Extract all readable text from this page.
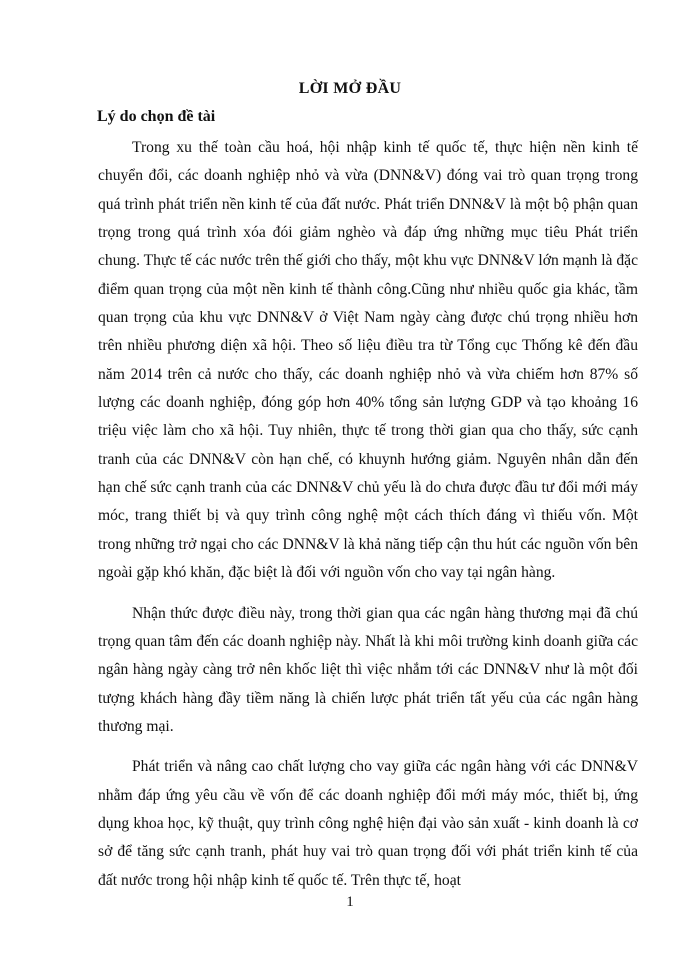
LỜI MỞ ĐẦU
Lý do chọn đề tài

Trong xu thế toàn cầu hoá, hội nhập kinh tế quốc tế, thực hiện nền kinh tế chuyển đổi, các doanh nghiệp nhỏ và vừa (DNN&V) đóng vai trò quan trọng trong quá trình phát triển nền kinh tế của đất nước. Phát triển DNN&V là một bộ phận quan trọng trong quá trình xóa đói giảm nghèo và đáp ứng những mục tiêu Phát triển chung. Thực tế các nước trên thế giới cho thấy, một khu vực DNN&V lớn mạnh là đặc điểm quan trọng của một nền kinh tế thành công.Cũng như nhiều quốc gia khác, tầm quan trọng của khu vực DNN&V ở Việt Nam ngày càng được chú trọng nhiều hơn trên nhiều phương diện xã hội. Theo số liệu điều tra từ Tổng cục Thống kê đến đầu năm 2014 trên cả nước cho thấy, các doanh nghiệp nhỏ và vừa chiếm hơn 87% số lượng các doanh nghiệp, đóng góp hơn 40% tổng sản lượng GDP và tạo khoảng 16 triệu việc làm cho xã hội. Tuy nhiên, thực tế trong thời gian qua cho thấy, sức cạnh tranh của các DNN&V còn hạn chế, có khuynh hướng giảm. Nguyên nhân dẫn đến hạn chế sức cạnh tranh của các DNN&V chủ yếu là do chưa được đầu tư đổi mới máy móc, trang thiết bị và quy trình công nghệ một cách thích đáng vì thiếu vốn. Một trong những trở ngại cho các DNN&V là khả năng tiếp cận thu hút các nguồn vốn bên ngoài gặp khó khăn, đặc biệt là đối với nguồn vốn cho vay tại ngân hàng.

Nhận thức được điều này, trong thời gian qua các ngân hàng thương mại đã chú trọng quan tâm đến các doanh nghiệp này. Nhất là khi môi trường kinh doanh giữa các ngân hàng ngày càng trở nên khốc liệt thì việc nhắm tới các DNN&V như là một đối tượng khách hàng đầy tiềm năng là chiến lược phát triển tất yếu của các ngân hàng thương mại.

Phát triển và nâng cao chất lượng cho vay giữa các ngân hàng với các DNN&V nhằm đáp ứng yêu cầu về vốn để các doanh nghiệp đổi mới máy móc, thiết bị, ứng dụng khoa học, kỹ thuật, quy trình công nghệ hiện đại vào sản xuất - kinh doanh là cơ sở để tăng sức cạnh tranh, phát huy vai trò quan trọng đối với phát triển kinh tế của đất nước trong hội nhập kinh tế quốc tế. Trên thực tế, hoạt

1
